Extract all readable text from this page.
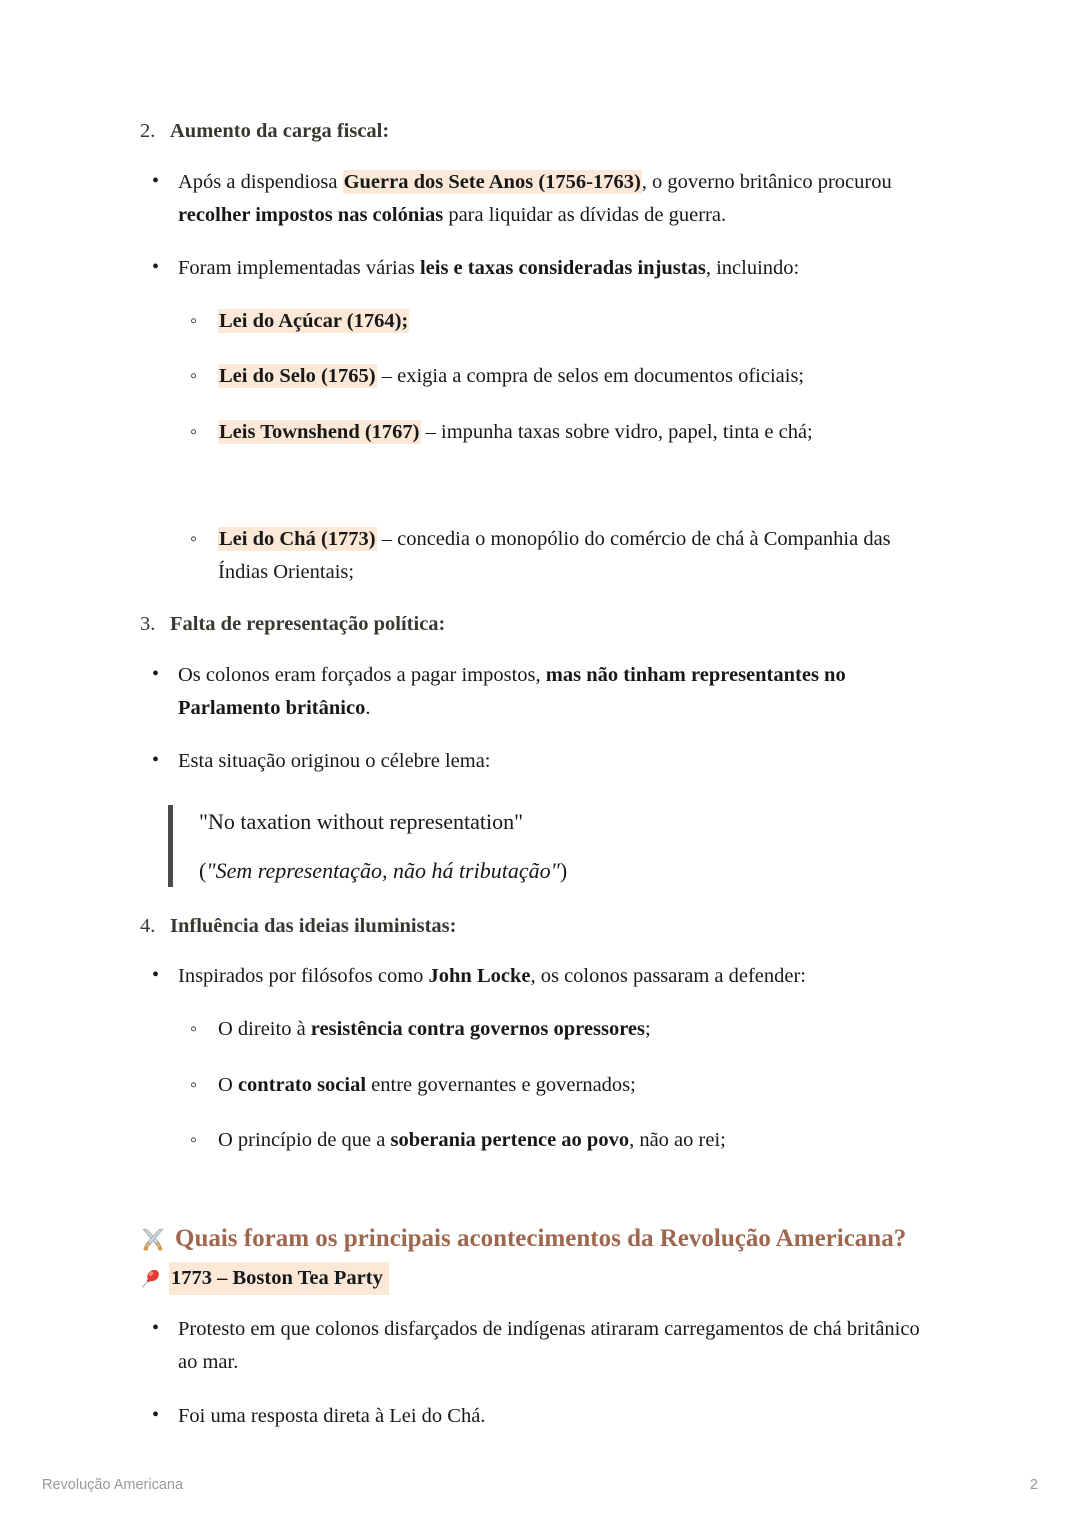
2. Aumento da carga fiscal:
• Após a dispendiosa Guerra dos Sete Anos (1756-1763), o governo britânico procurou recolher impostos nas colónias para liquidar as dívidas de guerra.
• Foram implementadas várias leis e taxas consideradas injustas, incluindo:
◦ Lei do Açúcar (1764);
◦ Lei do Selo (1765) – exigia a compra de selos em documentos oficiais;
◦ Leis Townshend (1767) – impunha taxas sobre vidro, papel, tinta e chá;
◦ Lei do Chá (1773) – concedia o monopólio do comércio de chá à Companhia das Índias Orientais;
3. Falta de representação política:
• Os colonos eram forçados a pagar impostos, mas não tinham representantes no Parlamento britânico.
• Esta situação originou o célebre lema:
"No taxation without representation"
("Sem representação, não há tributação")
4. Influência das ideias iluministas:
• Inspirados por filósofos como John Locke, os colonos passaram a defender:
◦ O direito à resistência contra governos opressores;
◦ O contrato social entre governantes e governados;
◦ O princípio de que a soberania pertence ao povo, não ao rei;
Quais foram os principais acontecimentos da Revolução Americana?
1773 – Boston Tea Party
• Protesto em que colonos disfarçados de indígenas atiraram carregamentos de chá britânico ao mar.
• Foi uma resposta direta à Lei do Chá.
Revolução Americana	2
